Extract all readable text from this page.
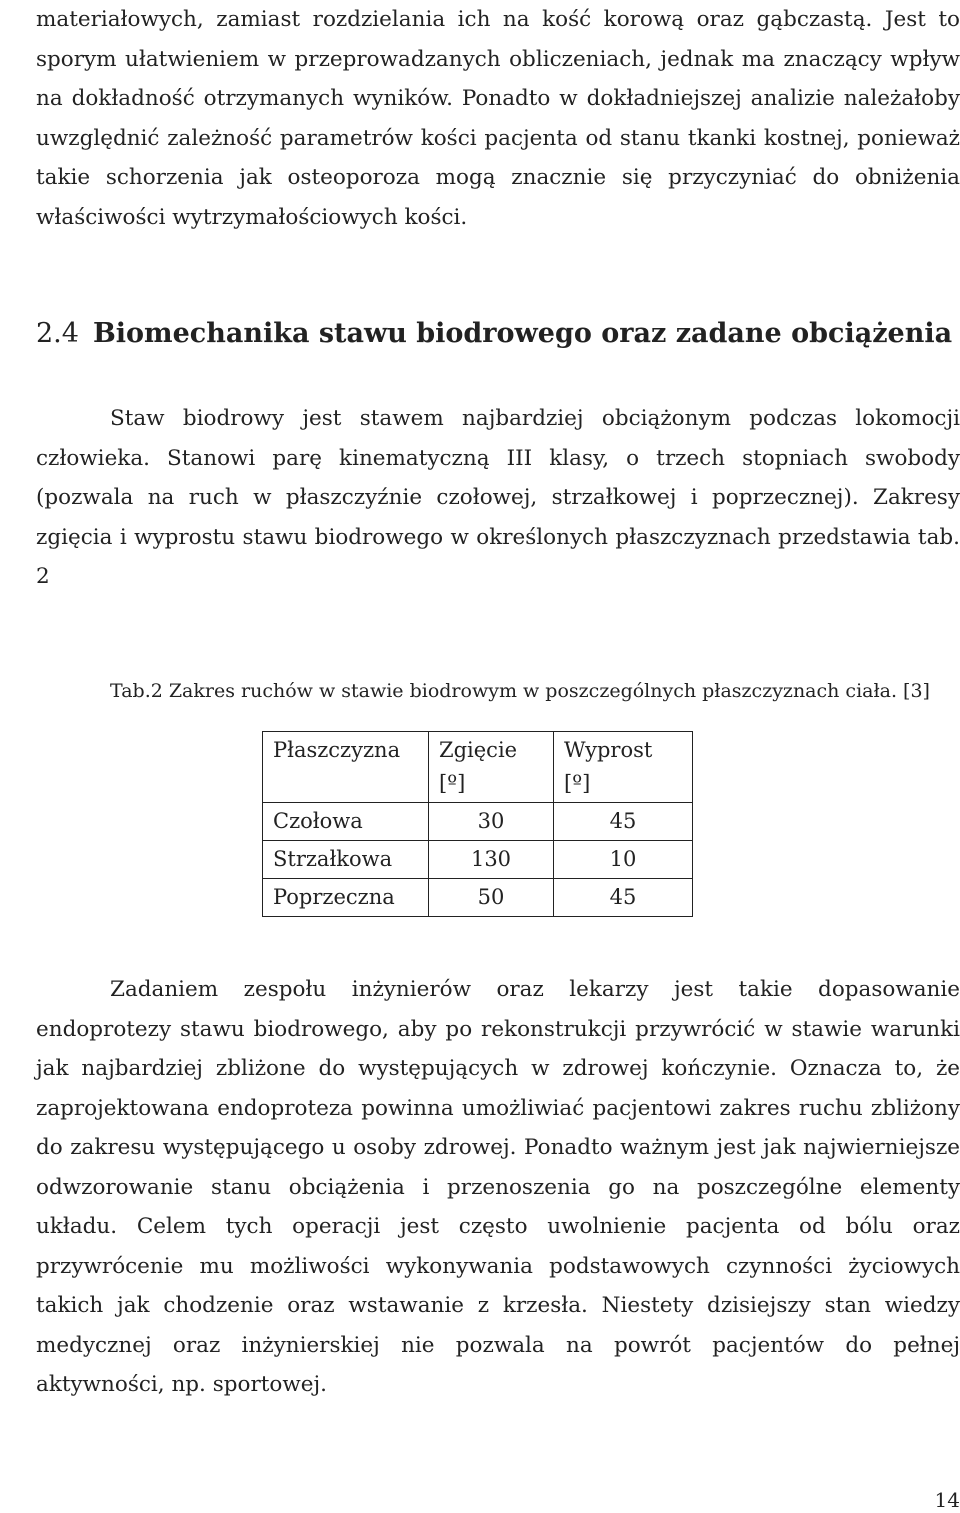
materiałowych, zamiast rozdzielania ich na kość korową oraz gąbczastą. Jest to sporym ułatwieniem w przeprowadzanych obliczeniach, jednak ma znaczący wpływ na dokładność otrzymanych wyników. Ponadto w dokładniejszej analizie należałoby uwzględnić zależność parametrów kości pacjenta od stanu tkanki kostnej, ponieważ takie schorzenia jak osteoporoza mogą znacznie się przyczyniać do obniżenia właściwości wytrzymałościowych kości.

2.4 Biomechanika stawu biodrowego oraz zadane obciążenia

Staw biodrowy jest stawem najbardziej obciążonym podczas lokomocji człowieka. Stanowi parę kinematyczną III klasy, o trzech stopniach swobody (pozwala na ruch w płaszczyźnie czołowej, strzałkowej i poprzecznej). Zakresy zgięcia i wyprostu stawu biodrowego w określonych płaszczyznach przedstawia tab. 2

Tab.2 Zakres ruchów w stawie biodrowym w poszczególnych płaszczyznach ciała. [3]

Płaszczyzna	Zgięcie [º]	Wyprost [º]
Czołowa	30	45
Strzałkowa	130	10
Poprzeczna	50	45

Zadaniem zespołu inżynierów oraz lekarzy jest takie dopasowanie endoprotezy stawu biodrowego, aby po rekonstrukcji przywrócić w stawie warunki jak najbardziej zbliżone do występujących w zdrowej kończynie. Oznacza to, że zaprojektowana endoproteza powinna umożliwiać pacjentowi zakres ruchu zbliżony do zakresu występującego u osoby zdrowej. Ponadto ważnym jest jak najwierniejsze odwzorowanie stanu obciążenia i przenoszenia go na poszczególne elementy układu. Celem tych operacji jest często uwolnienie pacjenta od bólu oraz przywrócenie mu możliwości wykonywania podstawowych czynności życiowych takich jak chodzenie oraz wstawanie z krzesła. Niestety dzisiejszy stan wiedzy medycznej oraz inżynierskiej nie pozwala na powrót pacjentów do pełnej aktywności, np. sportowej.

14
